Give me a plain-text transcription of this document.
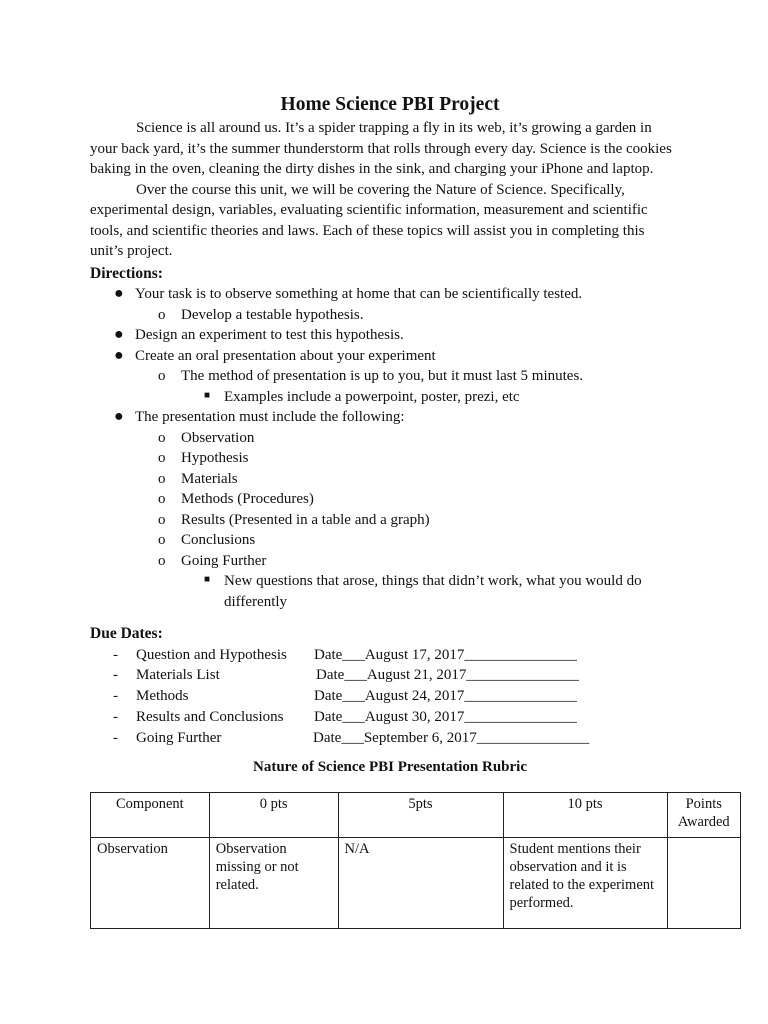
Home Science PBI Project

Science is all around us. It’s a spider trapping a fly in its web, it’s growing a garden in your back yard, it’s the summer thunderstorm that rolls through every day. Science is the cookies baking in the oven, cleaning the dirty dishes in the sink, and charging your iPhone and laptop.

Over the course this unit, we will be covering the Nature of Science. Specifically, experimental design, variables, evaluating scientific information, measurement and scientific tools, and scientific theories and laws. Each of these topics will assist you in completing this unit’s project.

Directions:
● Your task is to observe something at home that can be scientifically tested.
o Develop a testable hypothesis.
● Design an experiment to test this hypothesis.
● Create an oral presentation about your experiment
o The method of presentation is up to you, but it must last 5 minutes.
■ Examples include a powerpoint, poster, prezi, etc
● The presentation must include the following:
o Observation
o Hypothesis
o Materials
o Methods (Procedures)
o Results (Presented in a table and a graph)
o Conclusions
o Going Further
■ New questions that arose, things that didn’t work, what you would do differently
Due Dates:
- Question and Hypothesis Date___August 17, 2017_______________
- Materials List	Date___August 21, 2017_______________
- Methods	Date___August 24, 2017_______________
- Results and Conclusions Date___August 30, 2017_______________
- Going Further	Date___September 6, 2017_______________
Nature of Science PBI Presentation Rubric
Component	0 pts	5pts	10 pts	Points Awarded
Observation	Observation missing or not related.	N/A	Student mentions their observation and it is related to the experiment performed.	
